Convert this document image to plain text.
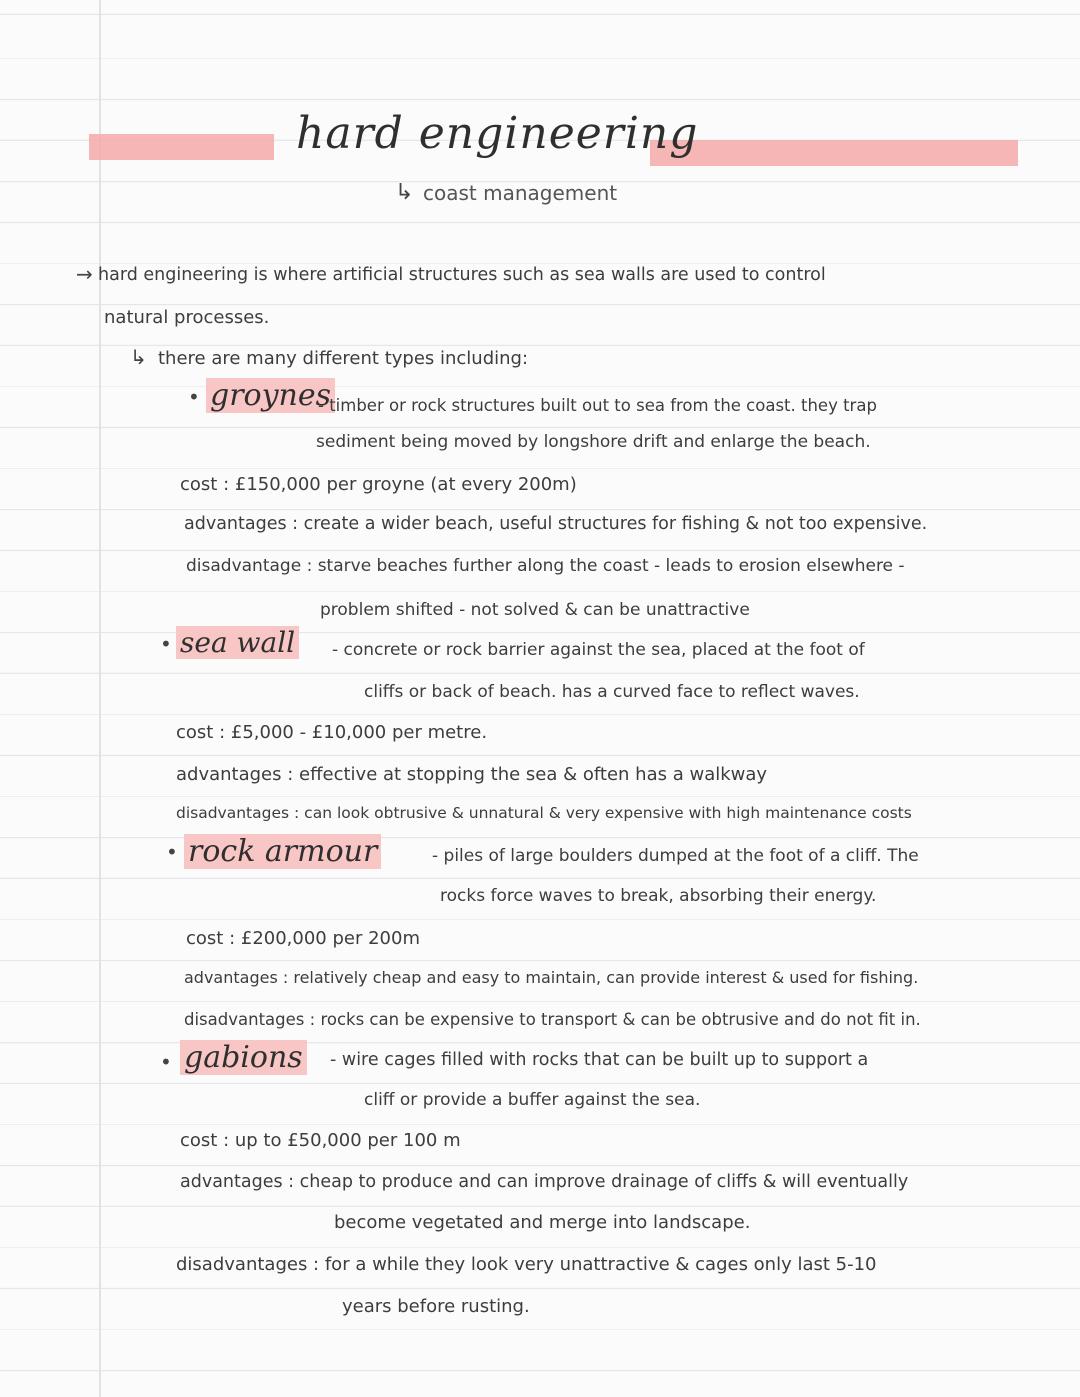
hard engineering
↳ coast management
→ hard engineering is where artificial structures such as sea walls are used to control
natural processes.
↳ there are many different types including:
• groynes
- timber or rock structures built out to sea from the coast. they trap
sediment being moved by longshore drift and enlarge the beach.
cost : £150,000 per groyne (at every 200m)
advantages : create a wider beach, useful structures for fishing & not too expensive.
disadvantage : starve beaches further along the coast - leads to erosion elsewhere -
problem shifted - not solved & can be unattractive
• sea wall - concrete or rock barrier against the sea, placed at the foot of
cliffs or back of beach. has a curved face to reflect waves.
cost : £5,000 - £10,000 per metre.
advantages : effective at stopping the sea & often has a walkway
disadvantages : can look obtrusive & unnatural & very expensive with high maintenance costs
• rock armour	- piles of large boulders dumped at the foot of a cliff. The
rocks force waves to break, absorbing their energy.
cost : £200,000 per 200m
advantages : relatively cheap and easy to maintain, can provide interest & used for fishing.
disadvantages : rocks can be expensive to transport & can be obtrusive and do not fit in.
• gabions - wire cages filled with rocks that can be built up to support a
cliff or provide a buffer against the sea.
cost : up to £50,000 per 100 m
advantages : cheap to produce and can improve drainage of cliffs & will eventually
become vegetated and merge into landscape.
disadvantages : for a while they look very unattractive & cages only last 5-10
years before rusting.
